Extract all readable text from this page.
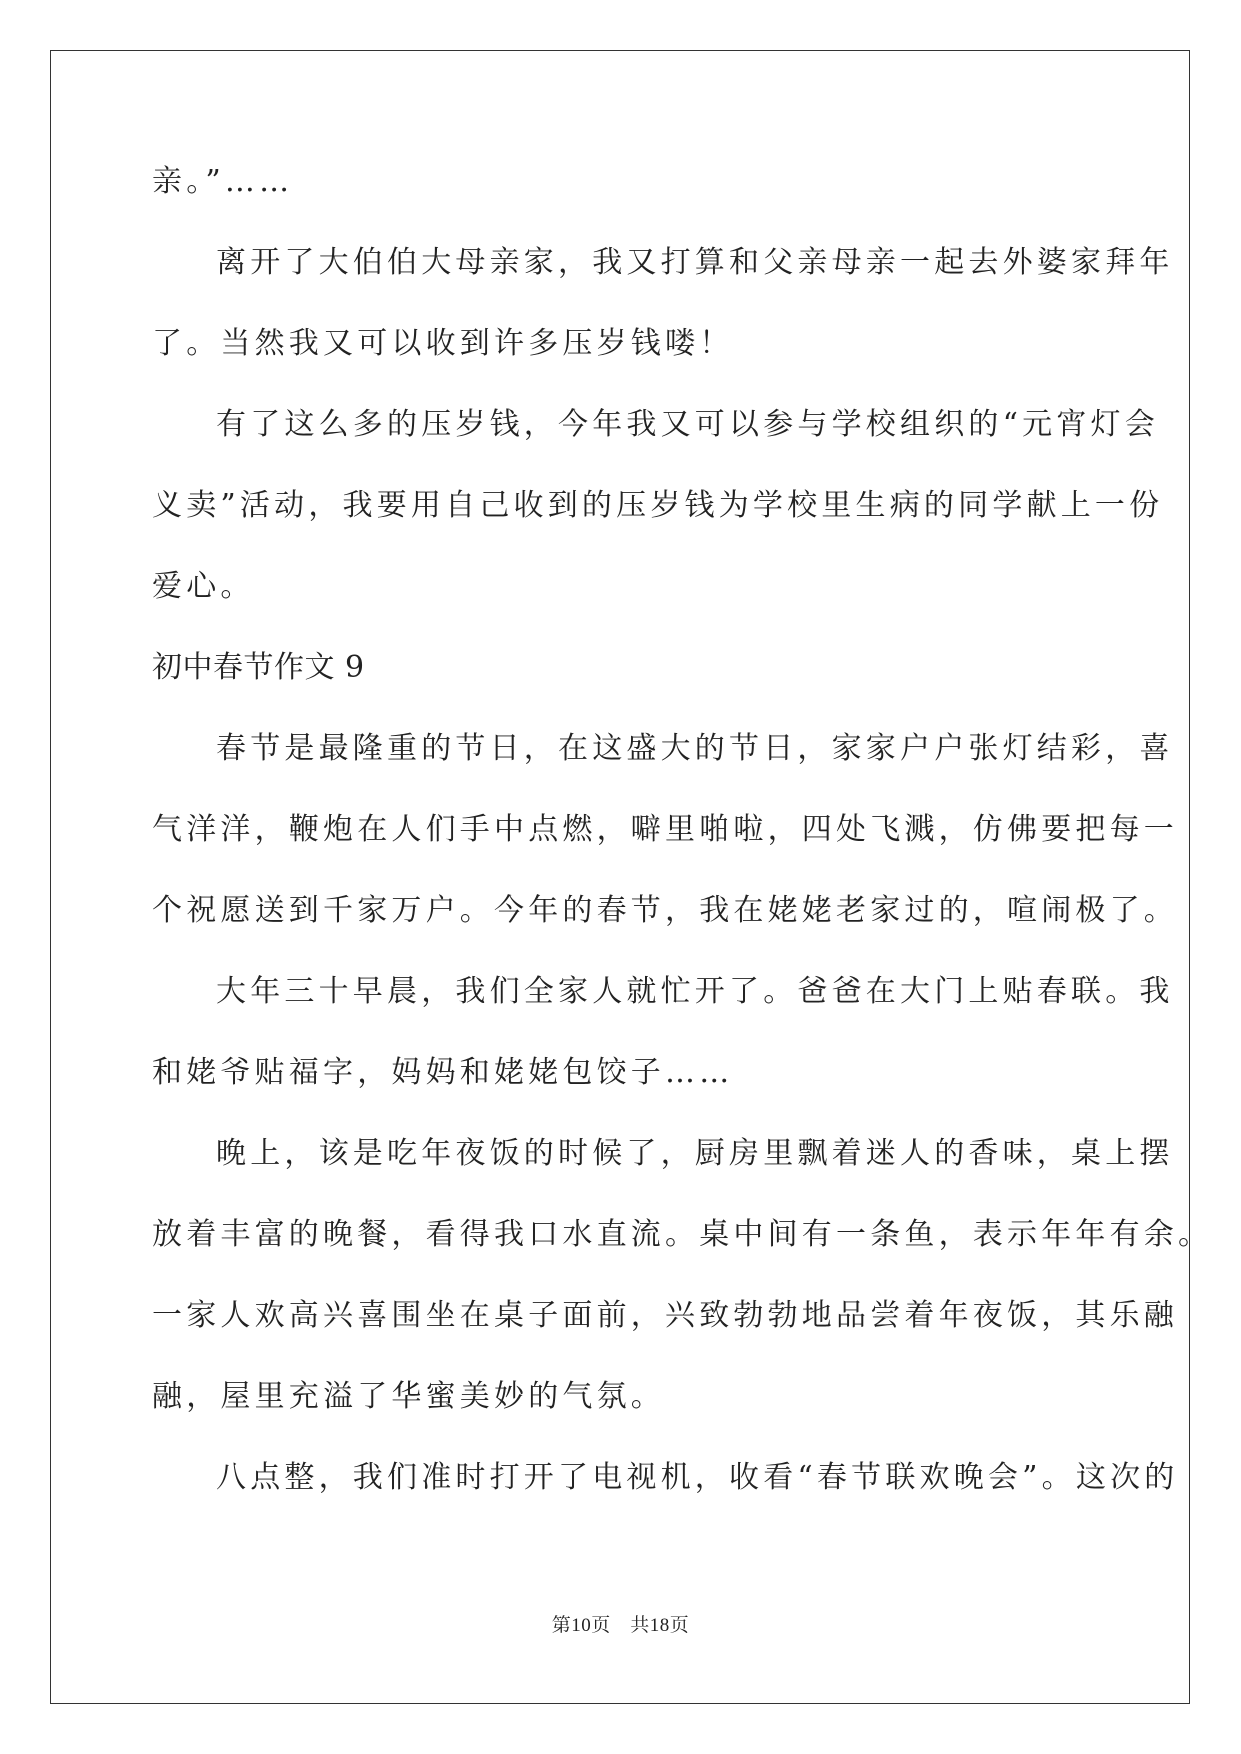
亲。”……
离开了大伯伯大母亲家，我又打算和父亲母亲一起去外婆家拜年
了。当然我又可以收到许多压岁钱喽！
有了这么多的压岁钱，今年我又可以参与学校组织的“元宵灯会
义卖”活动，我要用自己收到的压岁钱为学校里生病的同学献上一份
爱心。
初中春节作文 9
春节是最隆重的节日，在这盛大的节日，家家户户张灯结彩，喜
气洋洋，鞭炮在人们手中点燃，噼里啪啦，四处飞溅，仿佛要把每一
个祝愿送到千家万户。今年的春节，我在姥姥老家过的，喧闹极了。
大年三十早晨，我们全家人就忙开了。爸爸在大门上贴春联。我
和姥爷贴福字，妈妈和姥姥包饺子……
晚上，该是吃年夜饭的时候了，厨房里飘着迷人的香味，桌上摆
放着丰富的晚餐，看得我口水直流。桌中间有一条鱼，表示年年有余。
一家人欢高兴喜围坐在桌子面前，兴致勃勃地品尝着年夜饭，其乐融
融，屋里充溢了华蜜美妙的气氛。
八点整，我们准时打开了电视机，收看“春节联欢晚会”。这次的
第10页　共18页
